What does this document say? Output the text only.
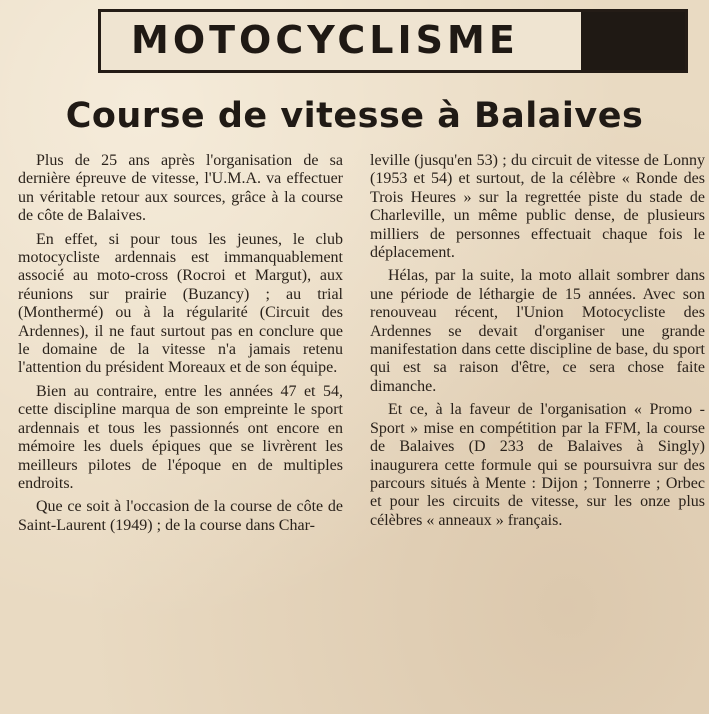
MOTOCYCLISME
Course de vitesse à Balaives

Plus de 25 ans après l'organisation de sa dernière épreuve de vitesse, l'U.M.A. va effectuer un véritable retour aux sources, grâce à la course de côte de Balaives.

En effet, si pour tous les jeunes, le club motocycliste ardennais est immanquablement associé au moto-cross (Rocroi et Margut), aux réunions sur prairie (Buzancy) ; au trial (Monthermé) ou à la régularité (Circuit des Ardennes), il ne faut surtout pas en conclure que le domaine de la vitesse n'a jamais retenu l'attention du président Moreaux et de son équipe.

Bien au contraire, entre les années 47 et 54, cette discipline marqua de son empreinte le sport ardennais et tous les passionnés ont encore en mémoire les duels épiques que se livrèrent les meilleurs pilotes de l'époque en de multiples endroits.

Que ce soit à l'occasion de la course de côte de Saint-Laurent (1949) ; de la course dans Char-

leville (jusqu'en 53) ; du circuit de vitesse de Lonny (1953 et 54) et surtout, de la célèbre « Ronde des Trois Heures » sur la regrettée piste du stade de Charleville, un même public dense, de plusieurs milliers de personnes effectuait chaque fois le déplacement.

Hélas, par la suite, la moto allait sombrer dans une période de léthargie de 15 années. Avec son renouveau récent, l'Union Motocycliste des Ardennes se devait d'organiser une grande manifestation dans cette discipline de base, du sport qui est sa raison d'être, ce sera chose faite dimanche.

Et ce, à la faveur de l'organisation « Promo - Sport » mise en compétition par la FFM, la course de Balaives (D 233 de Balaives à Singly) inaugurera cette formule qui se poursuivra sur des parcours situés à Mente : Dijon ; Tonnerre ; Orbec et pour les circuits de vitesse, sur les onze plus célèbres « anneaux » français.
